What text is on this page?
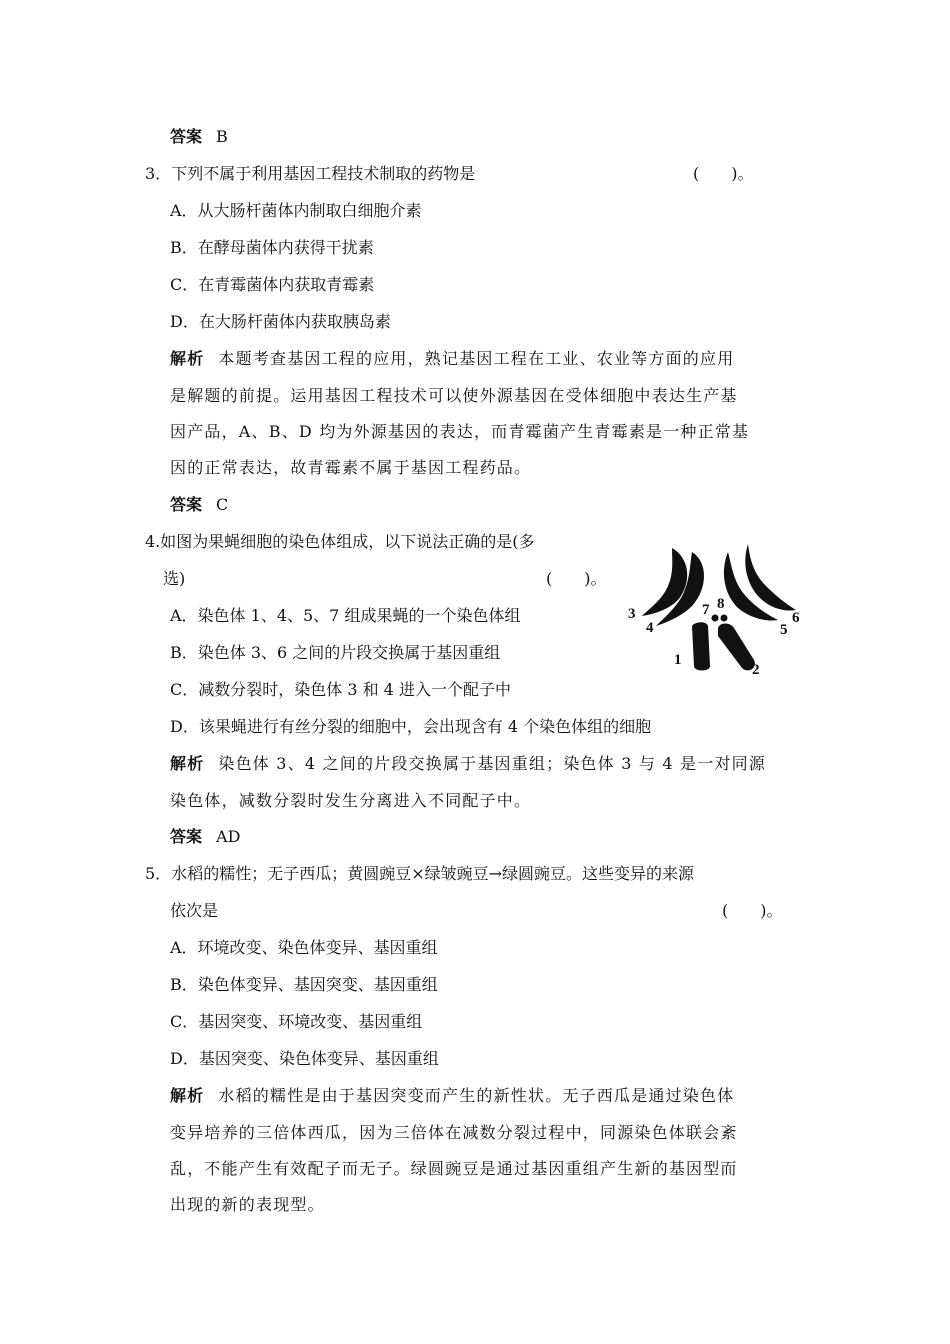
答案 B
3．下列不属于利用基因工程技术制取的药物是	(　　)。
A．从大肠杆菌体内制取白细胞介素
B．在酵母菌体内获得干扰素
C．在青霉菌体内获取青霉素
D．在大肠杆菌体内获取胰岛素
解析 本题考查基因工程的应用，熟记基因工程在工业、农业等方面的应用
是解题的前提。运用基因工程技术可以使外源基因在受体细胞中表达生产基
因产品，A、B、D 均为外源基因的表达，而青霉菌产生青霉素是一种正常基
因的正常表达，故青霉素不属于基因工程药品。
答案 C
4.如图为果蝇细胞的染色体组成，以下说法正确的是(多
选)	(　　)。
A．染色体 1、4、5、7 组成果蝇的一个染色体组
B．染色体 3、6 之间的片段交换属于基因重组
C．减数分裂时，染色体 3 和 4 进入一个配子中
D．该果蝇进行有丝分裂的细胞中，会出现含有 4 个染色体组的细胞
解析 染色体 3、4 之间的片段交换属于基因重组；染色体 3 与 4 是一对同源
染色体，减数分裂时发生分离进入不同配子中。
答案 AD
3
4
7 8
5
6
1
2
5．水稻的糯性；无子西瓜；黄圆豌豆×绿皱豌豆→绿圆豌豆。这些变异的来源
依次是	(　　)。
A．环境改变、染色体变异、基因重组
B．染色体变异、基因突变、基因重组
C．基因突变、环境改变、基因重组
D．基因突变、染色体变异、基因重组
解析 水稻的糯性是由于基因突变而产生的新性状。无子西瓜是通过染色体
变异培养的三倍体西瓜，因为三倍体在减数分裂过程中，同源染色体联会紊
乱，不能产生有效配子而无子。绿圆豌豆是通过基因重组产生新的基因型而
出现的新的表现型。
